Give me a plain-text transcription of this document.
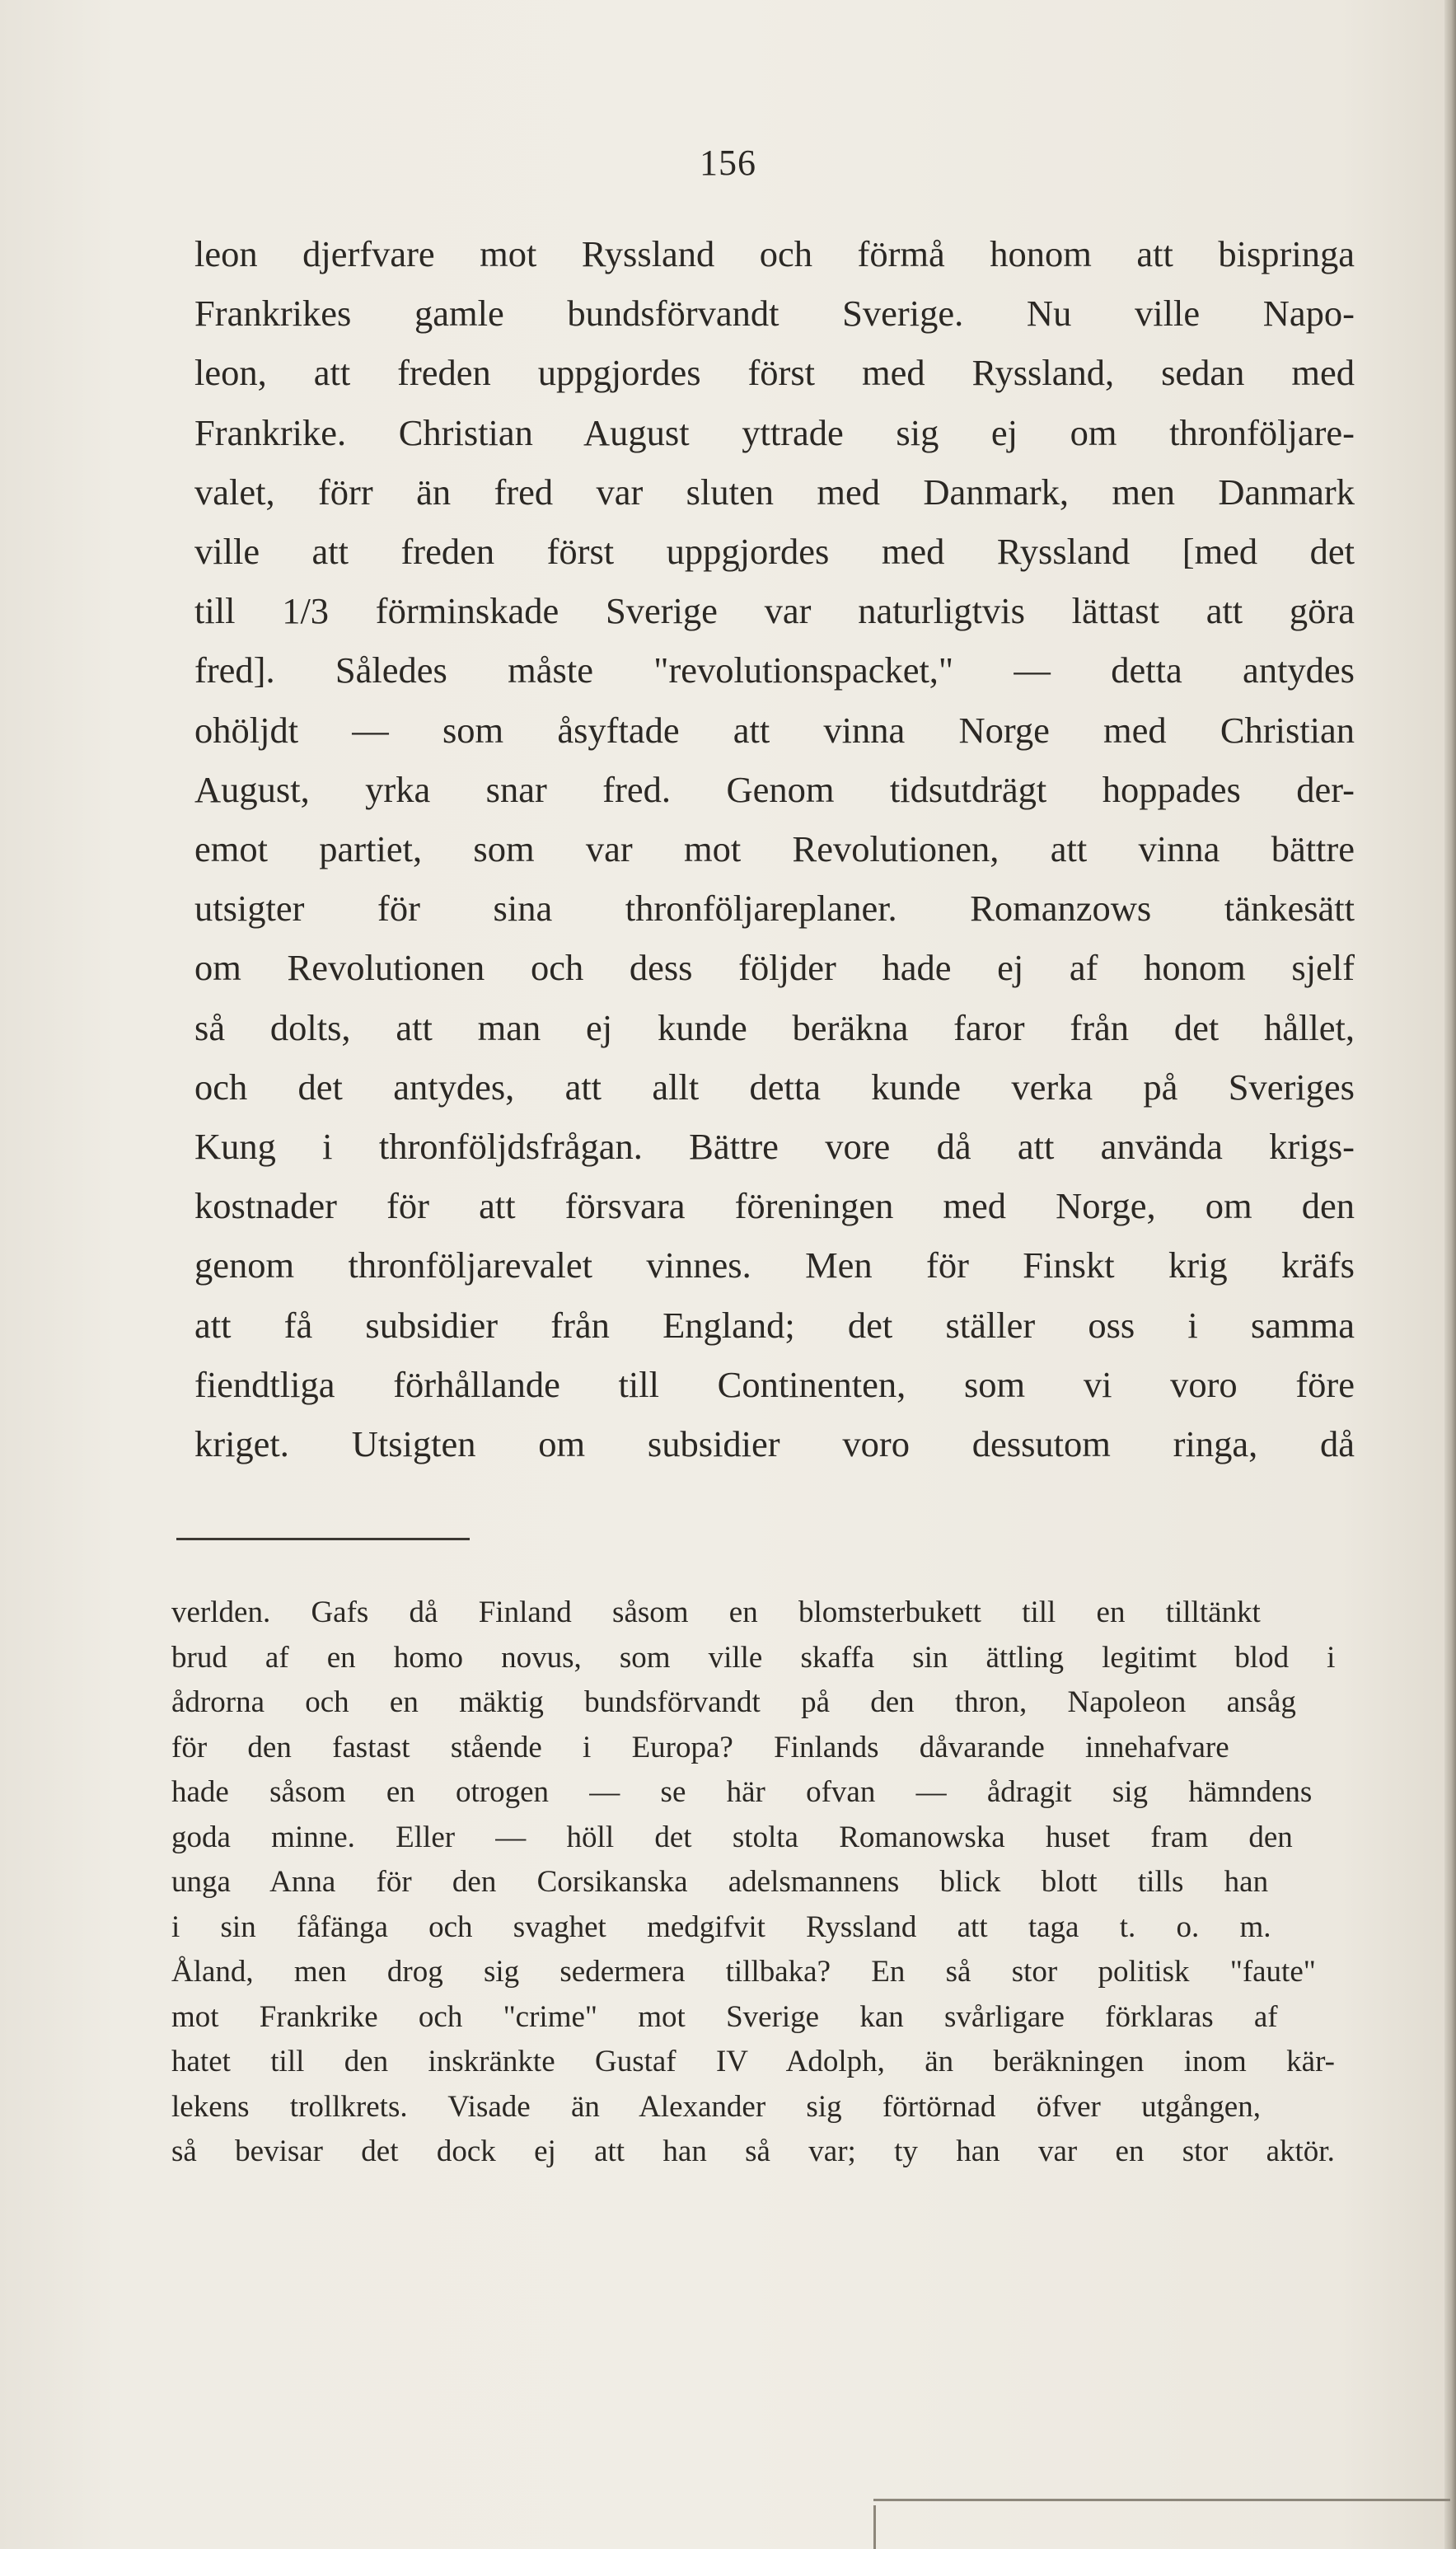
156
leon djerfvare mot Ryssland och förmå honom att bispringa
Frankrikes gamle bundsförvandt Sverige. Nu ville Napo-
leon, att freden uppgjordes först med Ryssland, sedan med
Frankrike. Christian August yttrade sig ej om thronföljare-
valet, förr än fred var sluten med Danmark, men Danmark
ville att freden först uppgjordes med Ryssland [med det
till 1/3 förminskade Sverige var naturligtvis lättast att göra
fred]. Således måste "revolutionspacket," — detta antydes
ohöljdt — som åsyftade att vinna Norge med Christian
August, yrka snar fred. Genom tidsutdrägt hoppades der-
emot partiet, som var mot Revolutionen, att vinna bättre
utsigter för sina thronföljareplaner. Romanzows tänkesätt
om Revolutionen och dess följder hade ej af honom sjelf
så dolts, att man ej kunde beräkna faror från det hållet,
och det antydes, att allt detta kunde verka på Sveriges
Kung i thronföljdsfrågan. Bättre vore då att använda krigs-
kostnader för att försvara föreningen med Norge, om den
genom thronföljarevalet vinnes. Men för Finskt krig kräfs
att få subsidier från England; det ställer oss i samma
fiendtliga förhållande till Continenten, som vi voro före
kriget. Utsigten om subsidier voro dessutom ringa, då
verlden. Gafs då Finland såsom en blomsterbukett till en tilltänkt
brud af en homo novus, som ville skaffa sin ättling legitimt blod i
ådrorna och en mäktig bundsförvandt på den thron, Napoleon ansåg
för den fastast stående i Europa? Finlands dåvarande innehafvare
hade såsom en otrogen — se här ofvan — ådragit sig hämndens
goda minne. Eller — höll det stolta Romanowska huset fram den
unga Anna för den Corsikanska adelsmannens blick blott tills han
i sin fåfänga och svaghet medgifvit Ryssland att taga t. o. m.
Åland, men drog sig sedermera tillbaka? En så stor politisk "faute"
mot Frankrike och "crime" mot Sverige kan svårligare förklaras af
hatet till den inskränkte Gustaf IV Adolph, än beräkningen inom kär-
lekens trollkrets. Visade än Alexander sig förtörnad öfver utgången,
så bevisar det dock ej att han så var; ty han var en stor aktör.
